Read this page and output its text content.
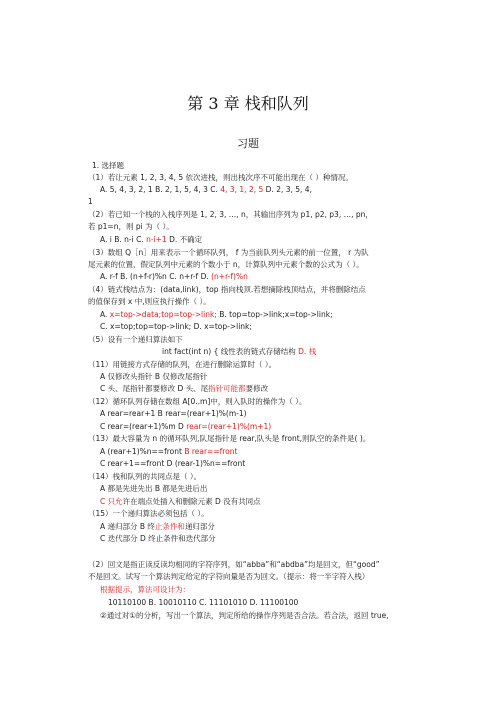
第 3 章 栈和队列
习题
1. 选择题
（1）若让元素 1, 2, 3, 4, 5 依次进栈，则出栈次序不可能出现在（ ）种情况。
A. 5, 4, 3, 2, 1 B. 2, 1, 5, 4, 3 C. 4, 3, 1, 2, 5 D. 2, 3, 5, 4,
1
（2）若已知一个栈的入栈序列是 1, 2, 3, …, n，其输出序列为 p1, p2, p3, …, pn，
若 p1=n，则 pi 为（ ）。
A. i B. n-i C. n-i+1 D. 不确定
（3）数组 Q［n］用来表示一个循环队列， f 为当前队列头元素的前一位置， r 为队
尾元素的位置，假定队列中元素的个数小于 n，计算队列中元素个数的公式为（ ）。
A. r-f B. (n+f-r)%n C. n+r-f D. (n+r-f)%n
（4）链式栈结点为：(data,link)，top 指向栈顶.若想摘除栈顶结点，并将删除结点
的值保存到 x 中,则应执行操作（ ）。
A. x=top->data;top=top->link; B. top=top->link;x=top->link;
C. x=top;top=top->link; D. x=top->link;
（5）设有一个递归算法如下
int fact(int n) { 线性表的链式存储结构 D. 栈
（11）用链接方式存储的队列，在进行删除运算时（ ）。
A 仅修改头指针 B 仅修改尾指针
C 头、尾指针都要修改 D 头、尾指针可能都要修改
（12）循环队列存储在数组 A[0..m]中，则入队时的操作为（ ）。
A rear=rear+1 B rear=(rear+1)%(m-1)
C rear=(rear+1)%m D rear=(rear+1)%(m+1)
（13）最大容量为 n 的循环队列,队尾指针是 rear,队头是 front,则队空的条件是( )。
A (rear+1)%n==front B rear==front
C rear+1==front D (rear-1)%n==front
（14）栈和队列的共同点是（ ）。
A 都是先进先出 B 都是先进后出
C 只允许在端点处插入和删除元素 D 没有共同点
（15）一个递归算法必须包括（ ）。
A 递归部分 B 终止条件和递归部分
C 迭代部分 D 终止条件和迭代部分
（2）回文是指正读反读均相同的字符序列，如“abba”和“abdba”均是回文，但“good”
不是回文。试写一个算法判定给定的字符向量是否为回文。（提示：将一半字符入栈）
根据提示，算法可设计为：
10110100 B. 10010110 C. 11101010 D. 11100100
②通过对①的分析，写出一个算法，判定所给的操作序列是否合法。若合法，返回 true,
